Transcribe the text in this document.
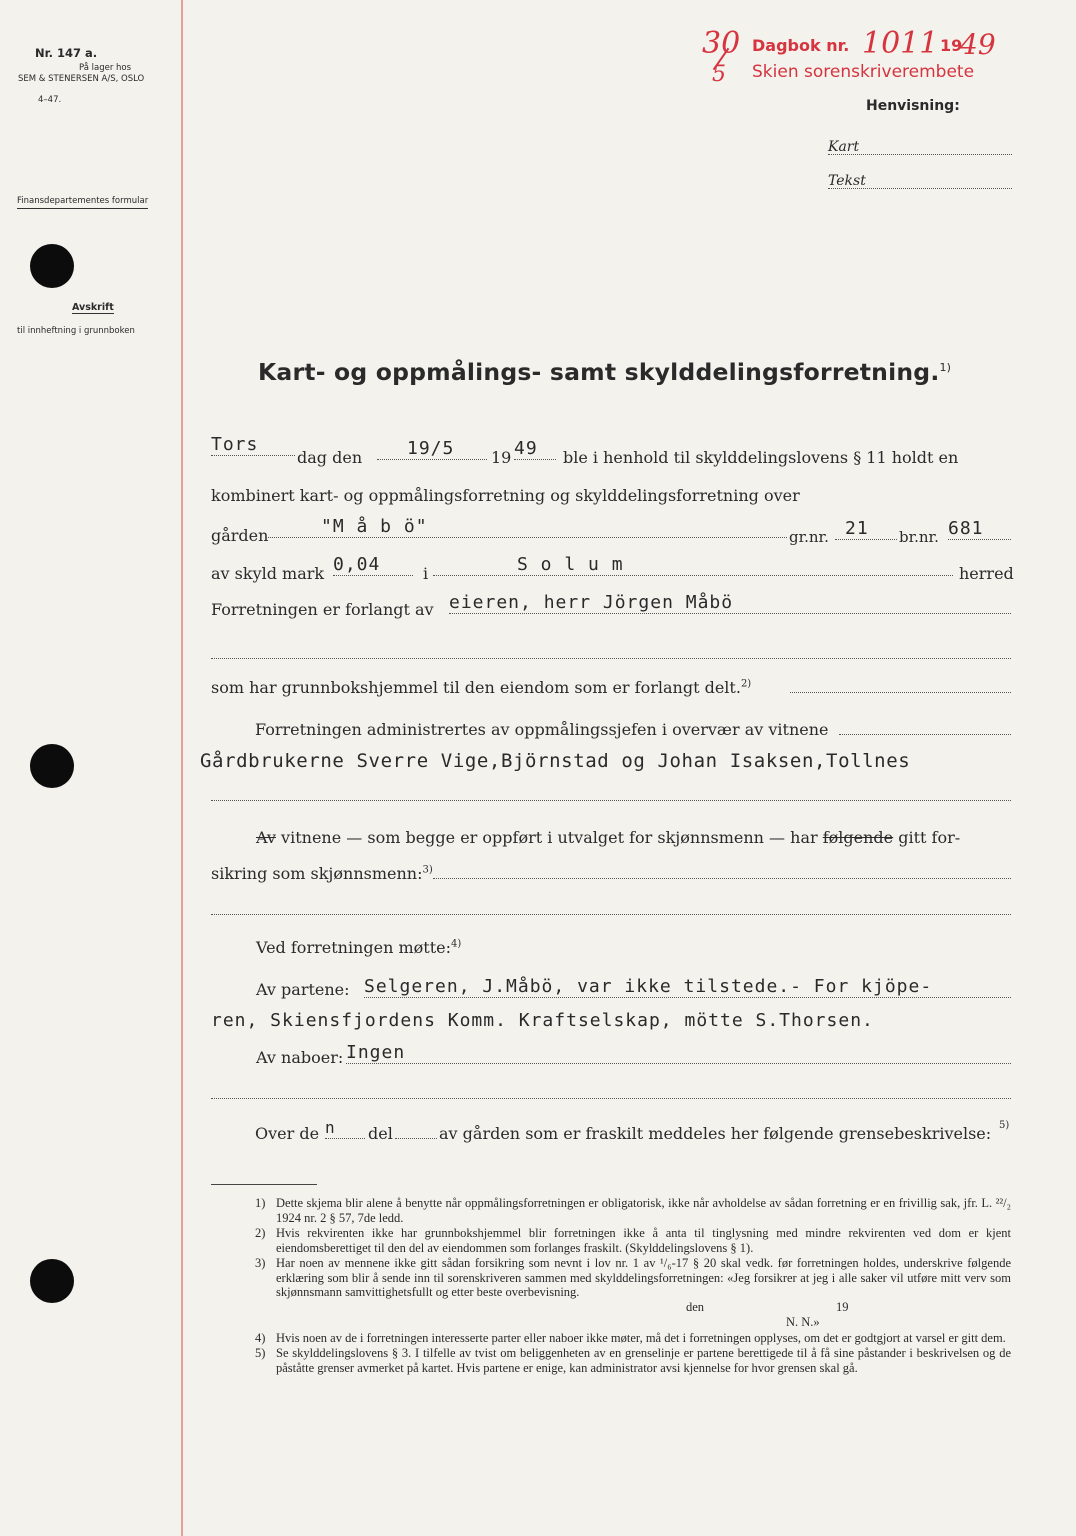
Nr. 147 a.
På lager hos
SEM & STENERSEN A/S, OSLO
4–47.
Finansdepartementes formular
Avskrift
til innheftning i grunnboken
30
5
Dagbok nr. 1011 19
49
Skien sorenskriverembete
Henvisning:
Kart
Tekst
Kart- og oppmålings- samt skylddelingsforretning.$^{1)}$
Tors
dag den	19/5	19 49	ble i henhold til skylddelingslovens § 11 holdt en
kombinert kart- og oppmålingsforretning og skylddelingsforretning over
gården	"M å b ö"	gr.nr. 21	br.nr. 681
av skyld mark 0,04	i	S o l u m	herred
Forretningen er forlangt av eieren, herr Jörgen Måbö
som har grunnbokshjemmel til den eiendom som er forlangt delt.$^{2)}$
Forretningen administrertes av oppmålingssjefen i overvær av vitnene
Gårdbrukerne Sverre Vige,Björnstad og Johan Isaksen,Tollnes
Av vitnene — som begge er oppført i utvalget for skjønnsmenn — har følgende gitt for-
sikring som skjønnsmenn:$^{3)}$
Ved forretningen møtte:$^{4)}$
Av partene: Selgeren, J.Måbö, var ikke tilstede.- For kjöpe-
ren, Skiensfjordens Komm. Kraftselskap, mötte S.Thorsen.
Av naboer: Ingen
Over de n del	av gården som er fraskilt meddeles her følgende grensebeskrivelse: 5)
1) Dette skjema blir alene å benytte når oppmålingsforretningen er obligatorisk, ikke når avholdelse av sådan forretning er en frivillig sak, jfr. L. ²²/₂ 1924 nr. 2 § 57, 7de ledd.
2) Hvis rekvirenten ikke har grunnbokshjemmel blir forretningen ikke å anta til tinglysning med mindre rekvirenten ved dom er kjent eiendomsberettiget til den del av eiendommen som forlanges fraskilt. (Skylddelingslovens § 1).
3) Har noen av mennene ikke gitt sådan forsikring som nevnt i lov nr. 1 av ¹/₆-17 § 20 skal vedk. før forretningen holdes, underskrive følgende erklæring som blir å sende inn til sorenskriveren sammen med skylddelingsforretningen: «Jeg forsikrer at jeg i alle saker vil utføre mitt verv som skjønnsmann samvittighetsfullt og etter beste overbevisning.
den	19
N. N.»
4) Hvis noen av de i forretningen interesserte parter eller naboer ikke møter, må det i forretningen opplyses, om det er godtgjort at varsel er gitt dem.
5) Se skylddelingslovens § 3. I tilfelle av tvist om beliggenheten av en grenselinje er partene berettigede til å få sine påstander i beskrivelsen og de påståtte grenser avmerket på kartet. Hvis partene er enige, kan administrator avsi kjennelse for hvor grensen skal gå.
